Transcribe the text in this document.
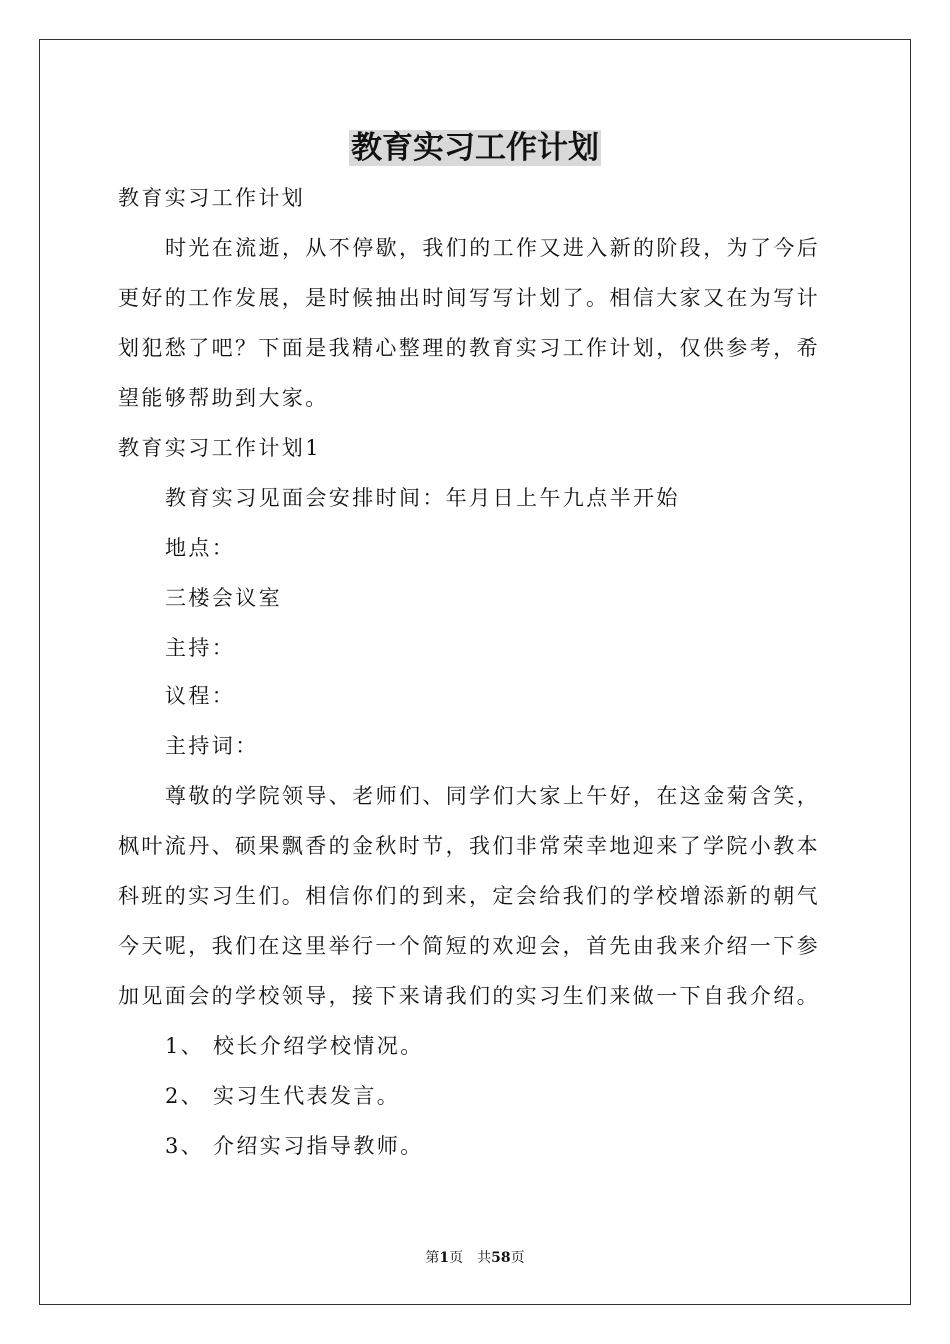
教育实习工作计划
教育实习工作计划
时光在流逝，从不停歇，我们的工作又进入新的阶段，为了今后
更好的工作发展，是时候抽出时间写写计划了。相信大家又在为写计
划犯愁了吧？下面是我精心整理的教育实习工作计划，仅供参考，希
望能够帮助到大家。
教育实习工作计划1
教育实习见面会安排时间：年月日上午九点半开始
地点：
三楼会议室
主持：
议程：
主持词：
尊敬的学院领导、老师们、同学们大家上午好，在这金菊含笑，
枫叶流丹、硕果飘香的金秋时节，我们非常荣幸地迎来了学院小教本
科班的实习生们。相信你们的到来，定会给我们的学校增添新的朝气
今天呢，我们在这里举行一个简短的欢迎会，首先由我来介绍一下参
加见面会的学校领导，接下来请我们的实习生们来做一下自我介绍。
1、 校长介绍学校情况。
2、 实习生代表发言。
3、 介绍实习指导教师。
第1页　共58页
